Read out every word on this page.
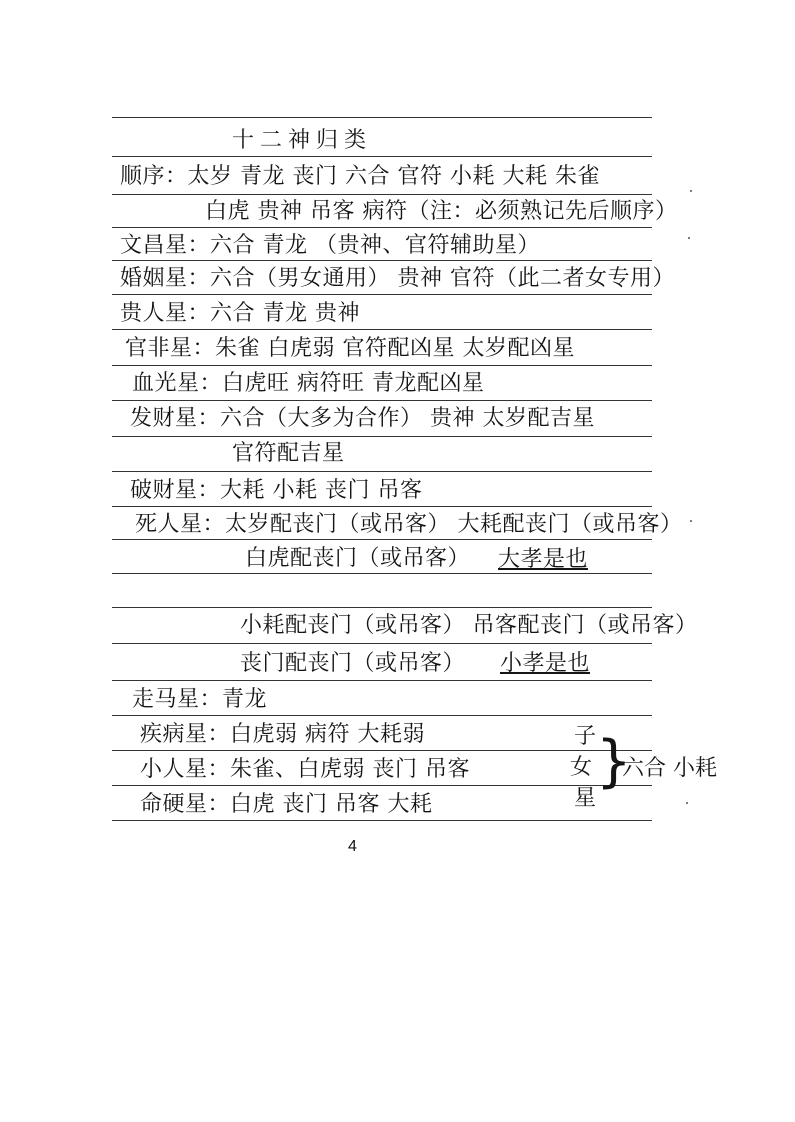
十二神归类
顺序：太岁 青龙 丧门 六合 官符 小耗 大耗 朱雀
白虎 贵神 吊客 病符（注：必须熟记先后顺序）
文昌星：六合 青龙 （贵神、官符辅助星）
婚姻星：六合（男女通用） 贵神 官符（此二者女专用）
贵人星：六合 青龙 贵神
官非星：朱雀 白虎弱 官符配凶星 太岁配凶星
血光星：白虎旺 病符旺 青龙配凶星
发财星：六合（大多为合作） 贵神 太岁配吉星
官符配吉星
破财星：大耗 小耗 丧门 吊客
死人星：太岁配丧门（或吊客） 大耗配丧门（或吊客）
白虎配丧门（或吊客） 大孝是也
小耗配丧门（或吊客） 吊客配丧门（或吊客）
丧门配丧门（或吊客） 小孝是也
走马星：青龙
疾病星：白虎弱 病符 大耗弱
小人星：朱雀、白虎弱 丧门 吊客
命硬星：白虎 丧门 吊客 大耗
子
女
星
}
六合 小耗
4
